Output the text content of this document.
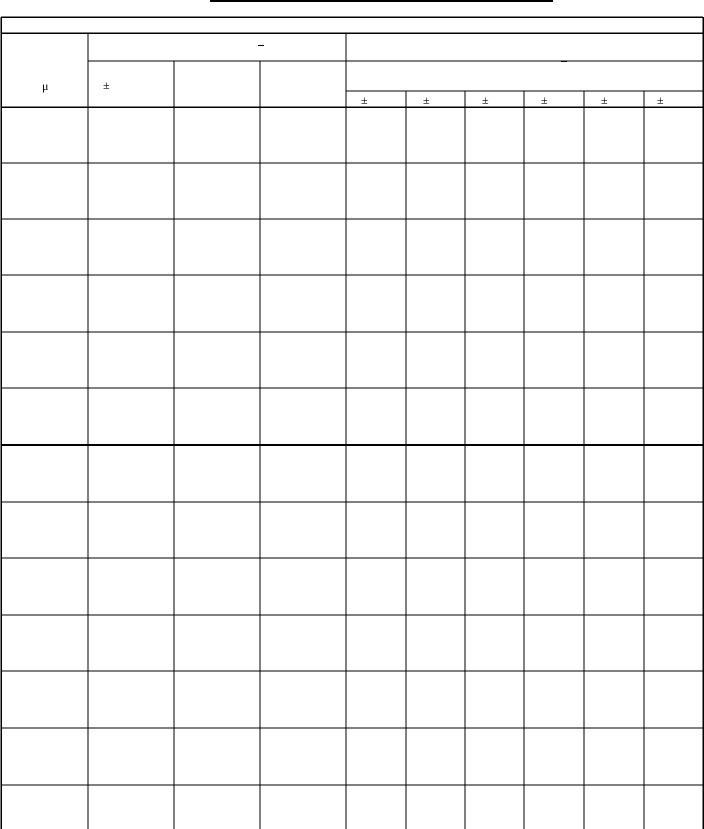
μ	±
±	±	±	±	±	±
